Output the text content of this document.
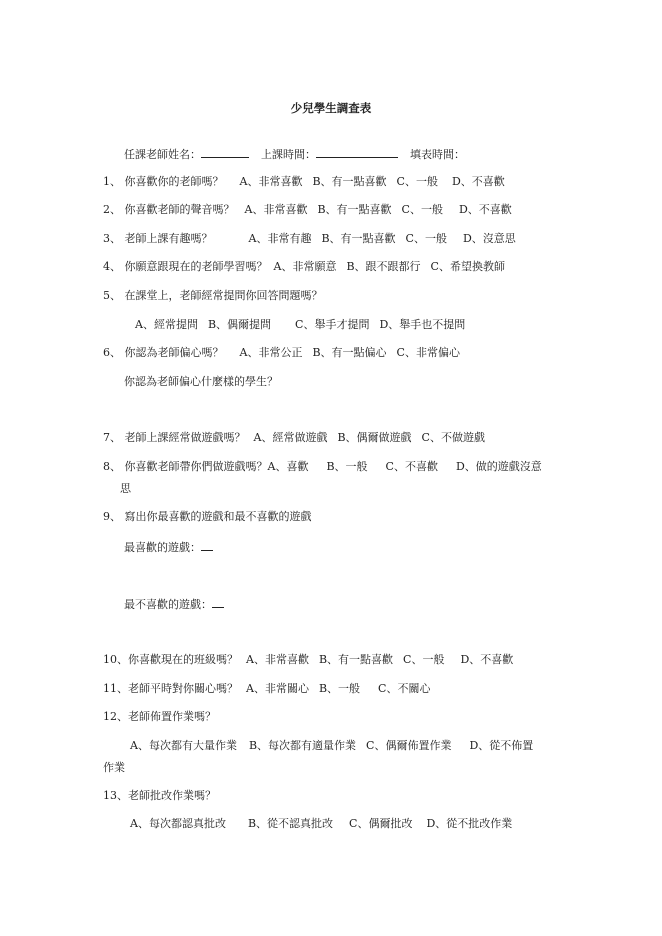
少兒學生調查表
任課老師姓名：	上課時間：	填表時間：
1、 你喜歡你的老師嗎？ A、非常喜歡 B、有一點喜歡 C、一般 D、不喜歡
2、 你喜歡老師的聲音嗎？ A、非常喜歡 B、有一點喜歡 C、一般 D、不喜歡
3、 老師上課有趣嗎？	A、非常有趣 B、有一點喜歡 C、一般 D、沒意思
4、 你願意跟現在的老師學習嗎？ A、非常願意 B、跟不跟都行 C、希望換教師
5、 在課堂上，老師經常提問你回答問題嗎？
A、經常提問 B、偶爾提問 C、舉手才提問 D、舉手也不提問
6、 你認為老師偏心嗎？ A、非常公正 B、有一點偏心 C、非常偏心
你認為老師偏心什麼樣的學生？
7、 老師上課經常做遊戲嗎？ A、經常做遊戲 B、偶爾做遊戲 C、不做遊戲
8、 你喜歡老師帶你們做遊戲嗎？A、喜歡 B、一般 C、不喜歡 D、做的遊戲沒意
思
9、 寫出你最喜歡的遊戲和最不喜歡的遊戲
最喜歡的遊戲：
最不喜歡的遊戲：
10、你喜歡現在的班級嗎？ A、非常喜歡 B、有一點喜歡 C、一般 D、不喜歡
11、老師平時對你關心嗎？ A、非常關心 B、一般 C、不關心
12、老師佈置作業嗎？
A、每次都有大量作業 B、每次都有適量作業 C、偶爾佈置作業 D、從不佈置
作業
13、老師批改作業嗎？
A、每次都認真批改 B、從不認真批改 C、偶爾批改 D、從不批改作業
